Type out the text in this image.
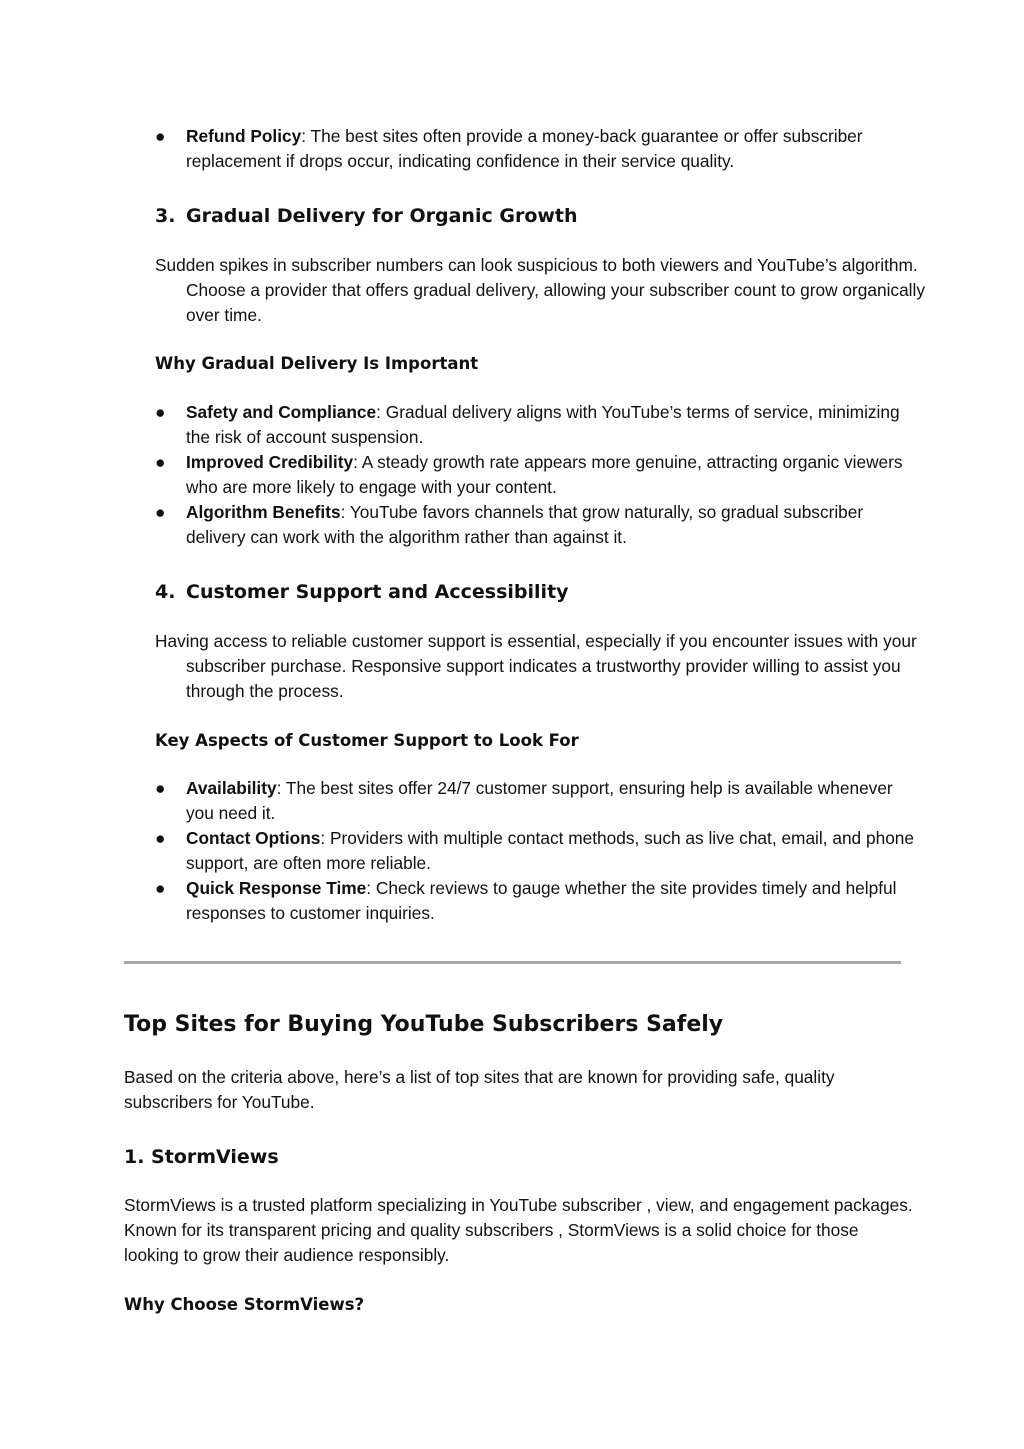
● Refund Policy: The best sites often provide a money-back guarantee or offer subscriber replacement if drops occur, indicating confidence in their service quality.
3. Gradual Delivery for Organic Growth

Sudden spikes in subscriber numbers can look suspicious to both viewers and YouTube’s algorithm. Choose a provider that offers gradual delivery, allowing your subscriber count to grow organically over time.

Why Gradual Delivery Is Important
● Safety and Compliance: Gradual delivery aligns with YouTube’s terms of service, minimizing the risk of account suspension.
● Improved Credibility: A steady growth rate appears more genuine, attracting organic viewers who are more likely to engage with your content.
● Algorithm Benefits: YouTube favors channels that grow naturally, so gradual subscriber delivery can work with the algorithm rather than against it.
4. Customer Support and Accessibility

Having access to reliable customer support is essential, especially if you encounter issues with your subscriber purchase. Responsive support indicates a trustworthy provider willing to assist you through the process.

Key Aspects of Customer Support to Look For
● Availability: The best sites offer 24/7 customer support, ensuring help is available whenever you need it.
● Contact Options: Providers with multiple contact methods, such as live chat, email, and phone support, are often more reliable.
● Quick Response Time: Check reviews to gauge whether the site provides timely and helpful responses to customer inquiries.
Top Sites for Buying YouTube Subscribers Safely

Based on the criteria above, here’s a list of top sites that are known for providing safe, quality subscribers for YouTube.

1. StormViews

StormViews is a trusted platform specializing in YouTube subscriber , view, and engagement packages. Known for its transparent pricing and quality subscribers , StormViews is a solid choice for those looking to grow their audience responsibly.

Why Choose StormViews?
